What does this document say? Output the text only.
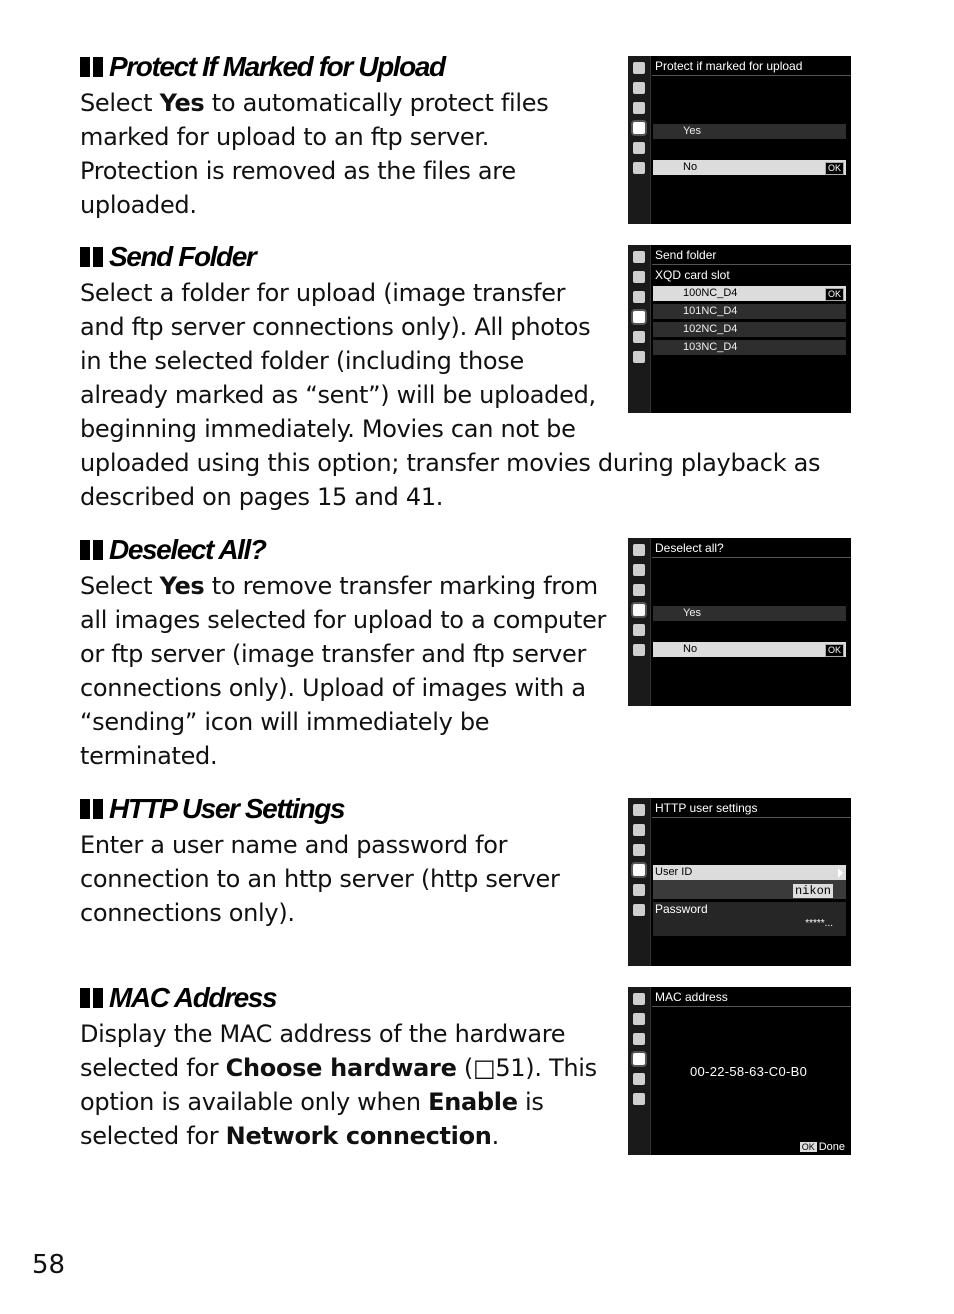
Protect If Marked for Upload

Select Yes to automatically protect files marked for upload to an ftp server. Protection is removed as the files are uploaded.

Protect if marked for upload
Yes
No	OK
Send Folder

Select a folder for upload (image transfer and ftp server connections only). All photos in the selected folder (including those already marked as “sent”) will be uploaded, beginning immediately. Movies can not be uploaded using this option; transfer movies during playback as described on pages 15 and 41.

Send folder
XQD card slot
100NC_D4	OK
101NC_D4
102NC_D4
103NC_D4
Deselect All?

Select Yes to remove transfer marking from all images selected for upload to a computer or ftp server (image transfer and ftp server connections only). Upload of images with a “sending” icon will immediately be terminated.

Deselect all?
Yes
No	OK
HTTP User Settings

Enter a user name and password for connection to an http server (http server connections only).

HTTP user settings
User ID
nikon
Password
*****...
MAC Address

Display the MAC address of the hardware selected for Choose hardware (□51). This option is available only when Enable is selected for Network connection.

MAC address
00-22-58-63-C0-B0
OK Done
58
